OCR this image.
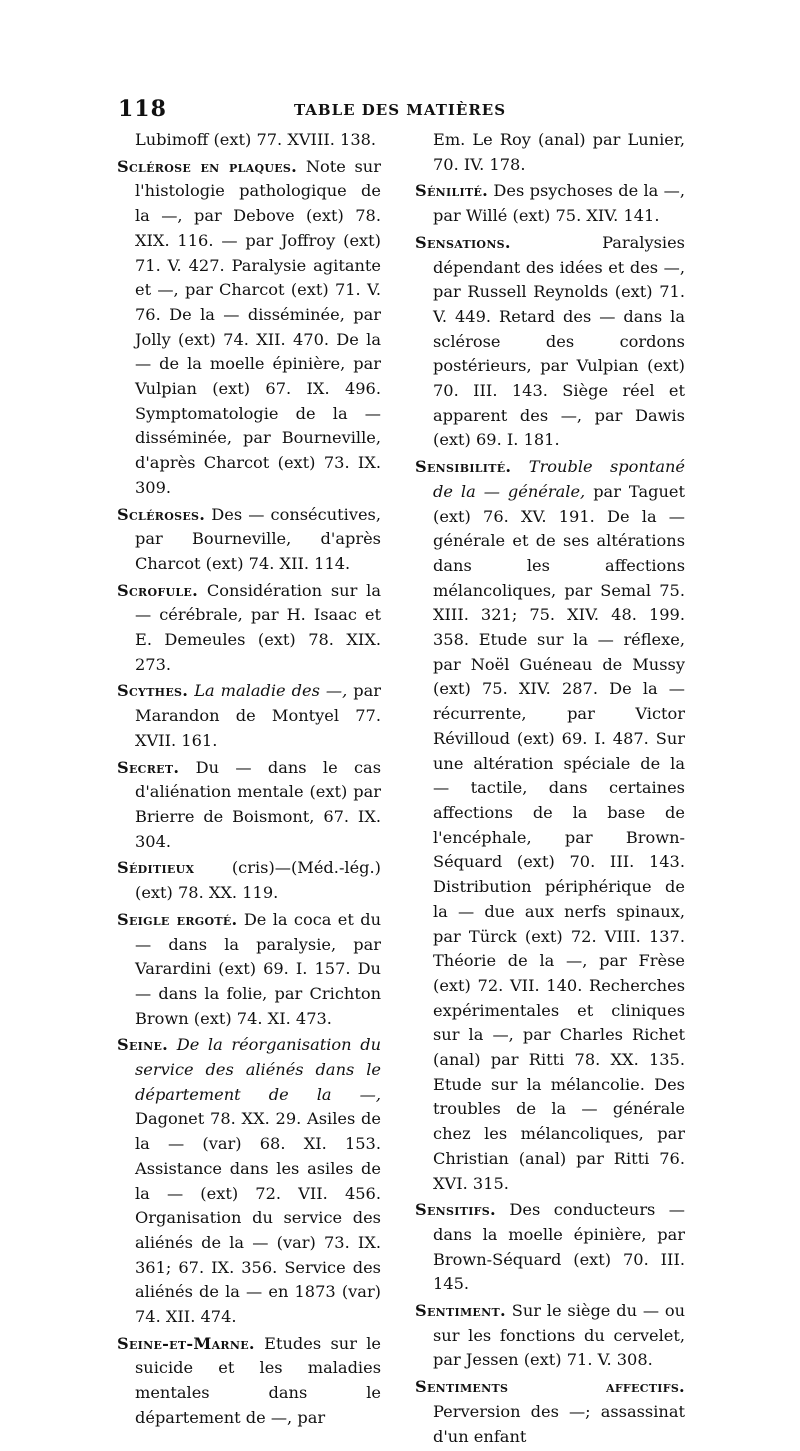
118	TABLE DES MATIÈRES

Lubimoff (ext) 77. XVIII. 138.

Sclérose en plaques. Note sur l'histologie pathologique de la —, par Debove (ext) 78. XIX. 116. — par Joffroy (ext) 71. V. 427. Paralysie agitante et —, par Charcot (ext) 71. V. 76. De la — disséminée, par Jolly (ext) 74. XII. 470. De la — de la moelle épinière, par Vulpian (ext) 67. IX. 496. Symptomatologie de la — disséminée, par Bourneville, d'après Charcot (ext) 73. IX. 309.

Scléroses. Des — consécutives, par Bourneville, d'après Charcot (ext) 74. XII. 114.

Scrofule. Considération sur la — cérébrale, par H. Isaac et E. Demeules (ext) 78. XIX. 273.

Scythes. La maladie des —, par Marandon de Montyel 77. XVII. 161.

Secret. Du — dans le cas d'aliénation mentale (ext) par Brierre de Boismont, 67. IX. 304.

Séditieux (cris)—(Méd.-lég.) (ext) 78. XX. 119.

Seigle ergoté. De la coca et du — dans la paralysie, par Varardini (ext) 69. I. 157. Du — dans la folie, par Crichton Brown (ext) 74. XI. 473.

Seine. De la réorganisation du service des aliénés dans le département de la —, Dagonet 78. XX. 29. Asiles de la — (var) 68. XI. 153. Assistance dans les asiles de la — (ext) 72. VII. 456. Organisation du service des aliénés de la — (var) 73. IX. 361; 67. IX. 356. Service des aliénés de la — en 1873 (var) 74. XII. 474.

Seine-et-Marne. Etudes sur le suicide et les maladies mentales dans le département de —, par

Em. Le Roy (anal) par Lunier, 70. IV. 178.

Sénilité. Des psychoses de la —, par Willé (ext) 75. XIV. 141.

Sensations.	Paralysies dépendant des idées et des —, par Russell Reynolds (ext) 71. V. 449. Retard des — dans la sclérose des cordons postérieurs, par Vulpian (ext) 70. III. 143. Siège réel et apparent des —, par Dawis (ext) 69. I. 181.

Sensibilité. Trouble spontané de la — générale, par Taguet (ext) 76. XV. 191. De la — générale et de ses altérations dans les affections mélancoliques, par Semal 75. XIII. 321; 75. XIV. 48. 199. 358. Etude sur la — réflexe, par Noël Guéneau de Mussy (ext) 75. XIV. 287. De la — récurrente, par Victor Révilloud (ext) 69. I. 487. Sur une altération spéciale de la — tactile, dans certaines affections de la base de l'encéphale, par Brown-Séquard (ext) 70. III. 143. Distribution périphérique de la — due aux nerfs spinaux, par Türck (ext) 72. VIII. 137. Théorie de la —, par Frèse (ext) 72. VII. 140. Recherches expérimentales et cliniques sur la —, par Charles Richet (anal) par Ritti 78. XX. 135. Etude sur la mélancolie. Des troubles de la — générale chez les mélancoliques, par Christian (anal) par Ritti 76. XVI. 315.

Sensitifs. Des conducteurs — dans la moelle épinière, par Brown-Séquard (ext) 70. III. 145.

Sentiment. Sur le siège du — ou sur les fonctions du cervelet, par Jessen (ext) 71. V. 308.

Sentiments affectifs. Perversion des —; assassinat d'un enfant
